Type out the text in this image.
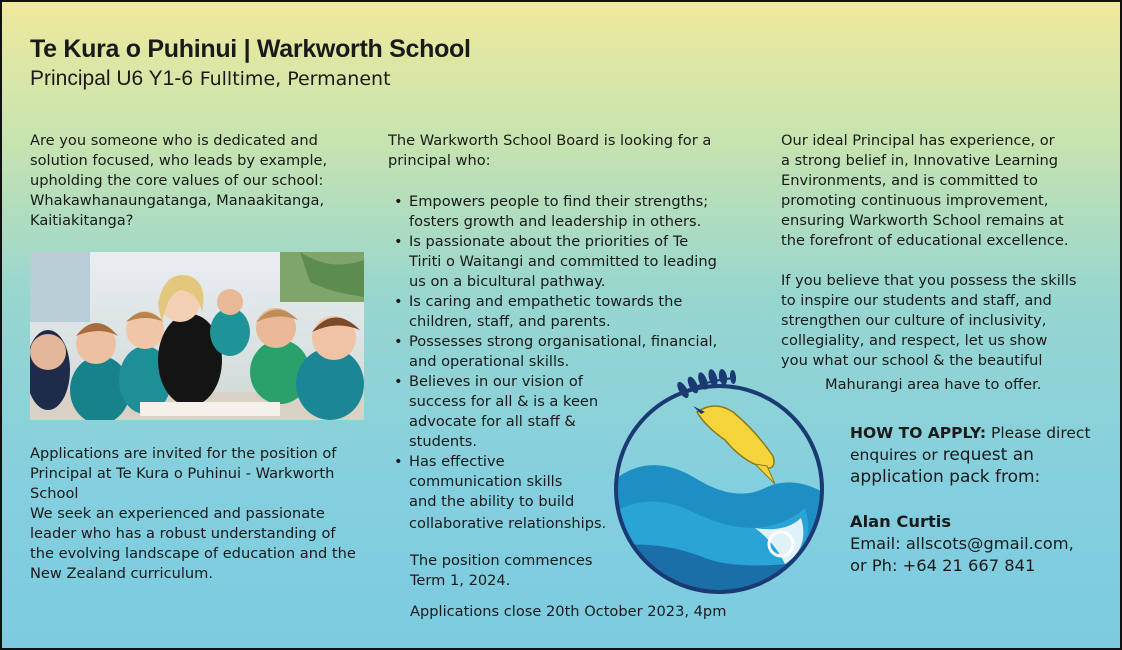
Te Kura o Puhinui | Warkworth School
Principal U6 Y1-6 Fulltime, Permanent
Are you someone who is dedicated and
solution focused, who leads by example,
upholding the core values of our school:
Whakawhanaungatanga, Manaakitanga,
Kaitiakitanga?
Applications are invited for the position of
Principal at Te Kura o Puhinui - Warkworth
School
We seek an experienced and passionate
leader who has a robust understanding of
the evolving landscape of education and the
New Zealand curriculum.
The Warkworth School Board is looking for a
principal who:
• Empowers people to find their strengths;
fosters growth and leadership in others.
• Is passionate about the priorities of Te
Tiriti o Waitangi and committed to leading
us on a bicultural pathway.
• Is caring and empathetic towards the
children, staff, and parents.
• Possesses strong organisational, financial,
and operational skills.
• Believes in our vision of
success for all & is a keen
advocate for all staff &
students.
• Has effective
communication skills
and the ability to build
collaborative relationships.
The position commences
Term 1, 2024.
Applications close 20th October 2023, 4pm
Our ideal Principal has experience, or
a strong belief in, Innovative Learning
Environments, and is committed to
promoting continuous improvement,
ensuring Warkworth School remains at
the forefront of educational excellence.
If you believe that you possess the skills
to inspire our students and staff, and
strengthen our culture of inclusivity,
collegiality, and respect, let us show
you what our school & the beautiful
Mahurangi area have to offer.
HOW TO APPLY: Please direct
enquires or request an
application pack from:
Alan Curtis
Email: allscots@gmail.com,
or Ph: +64 21 667 841
